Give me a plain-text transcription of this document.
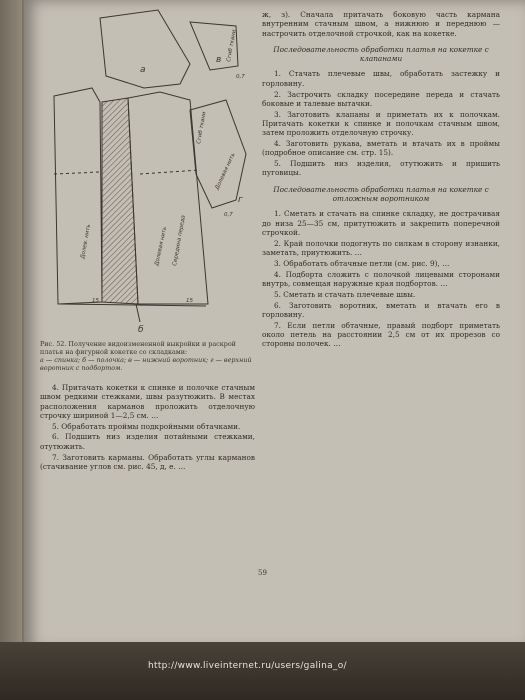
а
б
в
г
0,7
0,7
15	15
Долев. нить	Долевая нить
Долевая нить
Середина переда
Сгиб ткани
Сгиб ткани
Рис. 52. Получение видоизмененной выкройки и раскрой платья на фигурной кокетке со складками:
а — спинка; б — полочка; в — нижний воротник; г — верхний воротник с подбортом.

4. Притачать кокетки к спинке и полочке стачным швом редкими стежками, швы разутюжить. В местах расположения карманов проложить отделочную строчку шириной 1—2,5 см. …

5. Обработать проймы подкройными обтачками.

6. Подшить низ изделия потайными стежками, отутюжить.

7. Заготовить карманы. Обработать углы карманов (стачивание углов см. рис. 45, д, е. …

ж, з). Сначала притачать боковую часть кармана внутренним стачным швом, а нижнюю и переднюю — настрочить отделочной строчкой, как на кокетке.

Последовательность обработки платья на кокетке с клапанами

1. Стачать плечевые швы, обработать застежку и горловину.

2. Застрочить складку посередине переда и стачать боковые и талевые вытачки.

3. Заготовить клапаны и приметать их к полочкам. Притачать кокетки к спинке и полочкам стачным швом, затем проложить отделочную строчку.

4. Заготовить рукава, вметать и втачать их в проймы (подробное описание см. стр. 15).

5. Подшить низ изделия, отутюжить и пришить пуговицы.

Последовательность обработки платья на кокетке с отложным воротником

1. Сметать и стачать на спинке складку, не дострачивая до низа 25—35 см, притутюжить и закрепить поперечной строчкой.

2. Край полочки подогнуть по силкам в сторону изнанки, заметать, приутюжить. …

3. Обработать обтачные петли (см. рис. 9), …

4. Подборта сложить с полочкой лицевыми сторонами внутрь, совмещая наружные края подбортов. …

5. Сметать и стачать плечевые швы.

6. Заготовить воротник, вметать и втачать его в горловину.

7. Если петли обтачные, правый подборт приметать около петель на расстоянии 2,5 см от их прорезов со стороны полочек. …

59
http://www.liveinternet.ru/users/galina_o/
